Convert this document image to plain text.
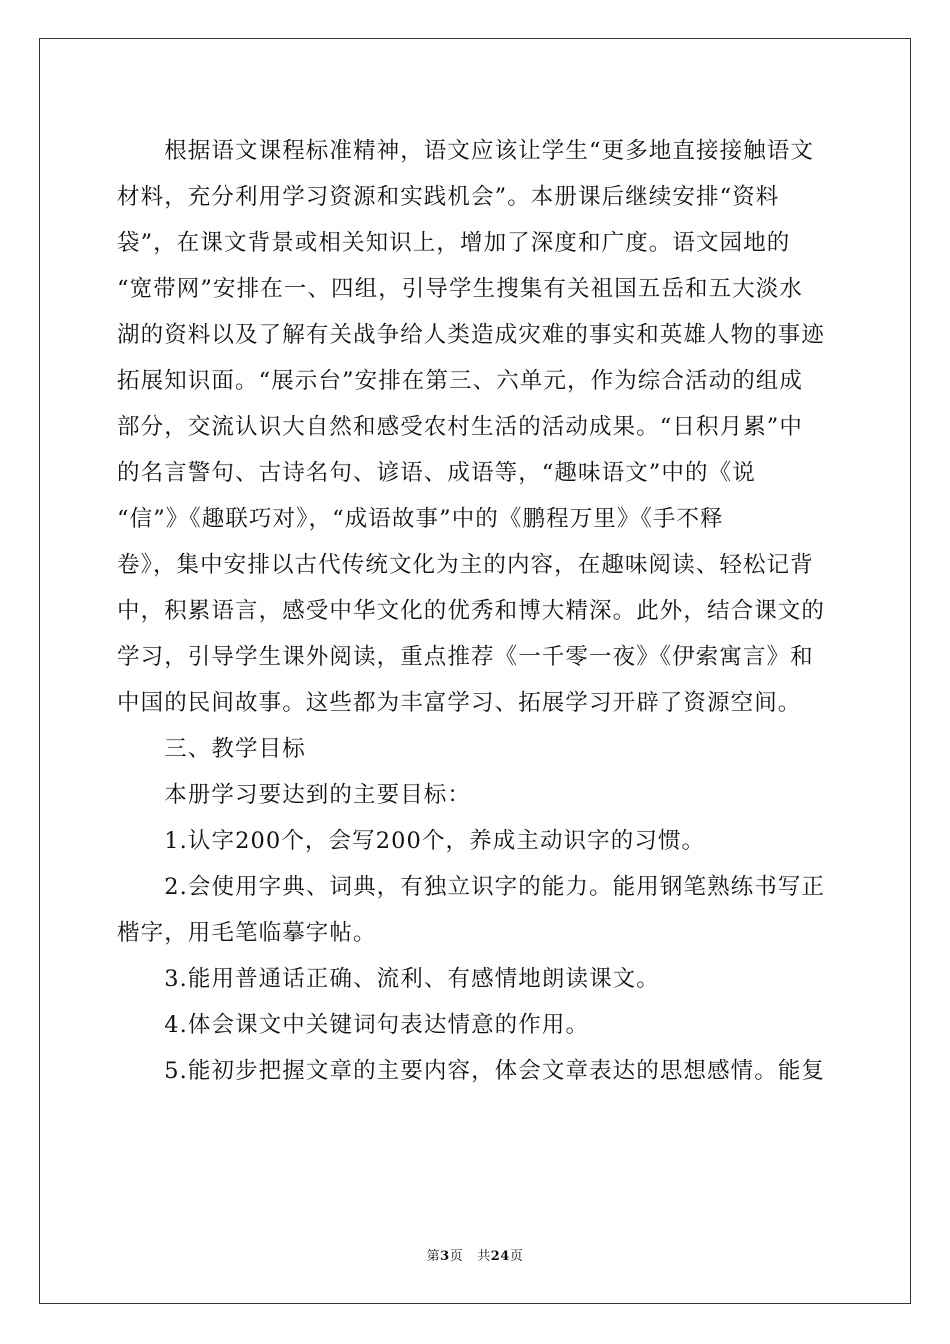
　　根据语文课程标准精神，语文应该让学生“更多地直接接触语文
材料，充分利用学习资源和实践机会”。本册课后继续安排“资料
袋”，在课文背景或相关知识上，增加了深度和广度。语文园地的
“宽带网”安排在一、四组，引导学生搜集有关祖国五岳和五大淡水
湖的资料以及了解有关战争给人类造成灾难的事实和英雄人物的事迹
拓展知识面。“展示台”安排在第三、六单元，作为综合活动的组成
部分，交流认识大自然和感受农村生活的活动成果。“日积月累”中
的名言警句、古诗名句、谚语、成语等，“趣味语文”中的《说
“信”》《趣联巧对》，“成语故事”中的《鹏程万里》《手不释
卷》，集中安排以古代传统文化为主的内容，在趣味阅读、轻松记背
中，积累语言，感受中华文化的优秀和博大精深。此外，结合课文的
学习，引导学生课外阅读，重点推荐《一千零一夜》《伊索寓言》和
中国的民间故事。这些都为丰富学习、拓展学习开辟了资源空间。
　　三、教学目标
　　本册学习要达到的主要目标：
　　1.认字200个，会写200个，养成主动识字的习惯。
　　2.会使用字典、词典，有独立识字的能力。能用钢笔熟练书写正
楷字，用毛笔临摹字帖。
　　3.能用普通话正确、流利、有感情地朗读课文。
　　4.体会课文中关键词句表达情意的作用。
　　5.能初步把握文章的主要内容，体会文章表达的思想感情。能复
第3页 共24页
